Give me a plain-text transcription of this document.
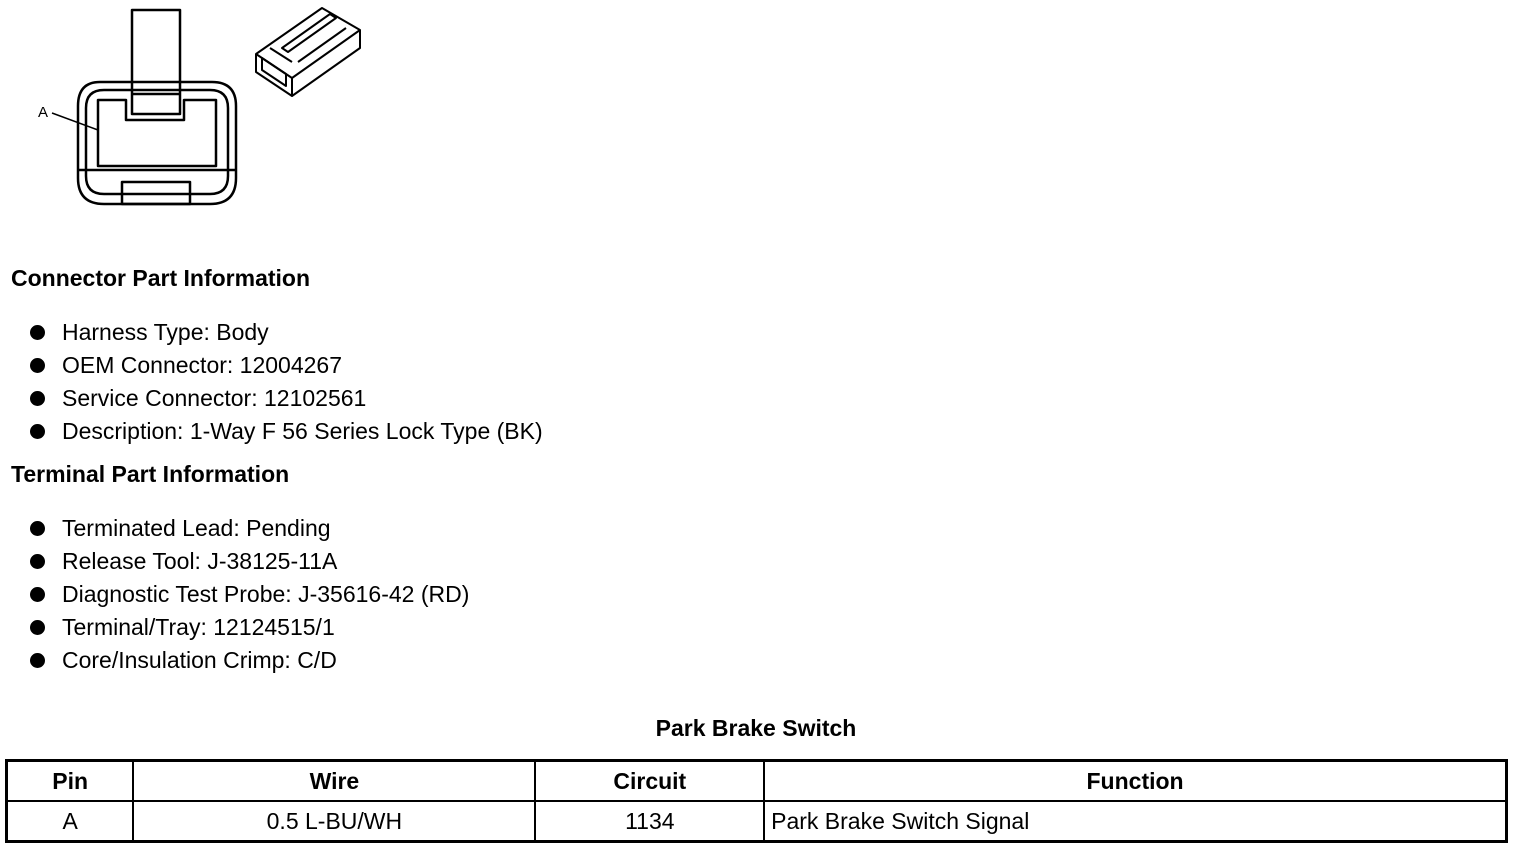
A
Connector Part Information
Harness Type: Body
OEM Connector: 12004267
Service Connector: 12102561
Description: 1-Way F 56 Series Lock Type (BK)
Terminal Part Information
Terminated Lead: Pending
Release Tool: J-38125-11A
Diagnostic Test Probe: J-35616-42 (RD)
Terminal/Tray: 12124515/1
Core/Insulation Crimp: C/D
Park Brake Switch
Pin	Wire	Circuit	Function
A	0.5 L-BU/WH	1134	Park Brake Switch Signal
